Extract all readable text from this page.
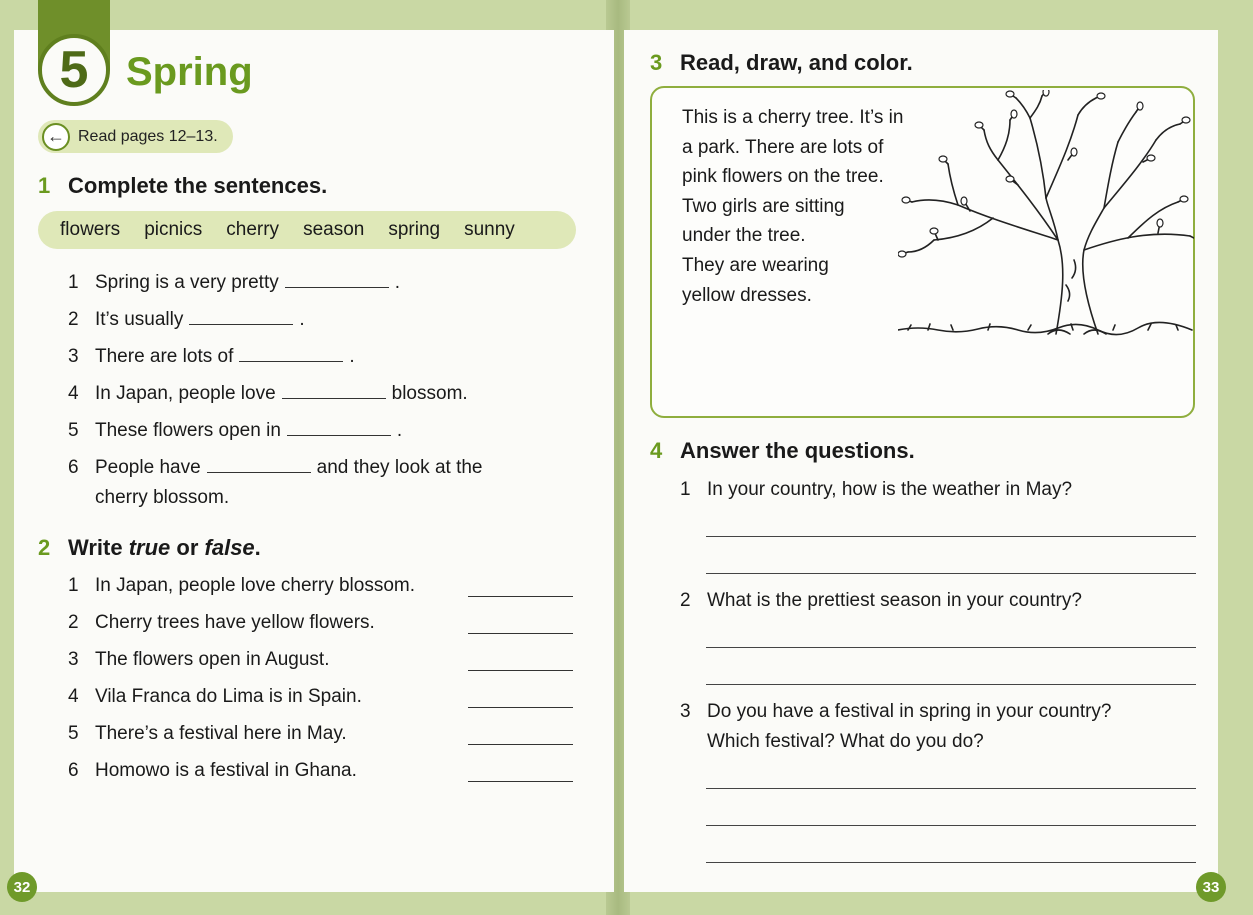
5 Spring
← Read pages 12–13.
1 Complete the sentences.
flowers picnics cherry season spring sunny
1 Spring is a very pretty	.
2 It’s usually	.
3 There are lots of	.
4 In Japan, people love	blossom.
5 These flowers open in	.
6 People have	and they look at the
cherry blossom.
2 Write true or false.
1 In Japan, people love cherry blossom.
2 Cherry trees have yellow flowers.
3 The flowers open in August.
4 Vila Franca do Lima is in Spain.
5 There’s a festival here in May.
6 Homowo is a festival in Ghana.
32
3 Read, draw, and color.
This is a cherry tree. It’s in
a park. There are lots of
pink flowers on the tree.
Two girls are sitting
under the tree.
They are wearing
yellow dresses.
4 Answer the questions.
1 In your country, how is the weather in May?
2 What is the prettiest season in your country?
3 Do you have a festival in spring in your country?
Which festival? What do you do?
33
